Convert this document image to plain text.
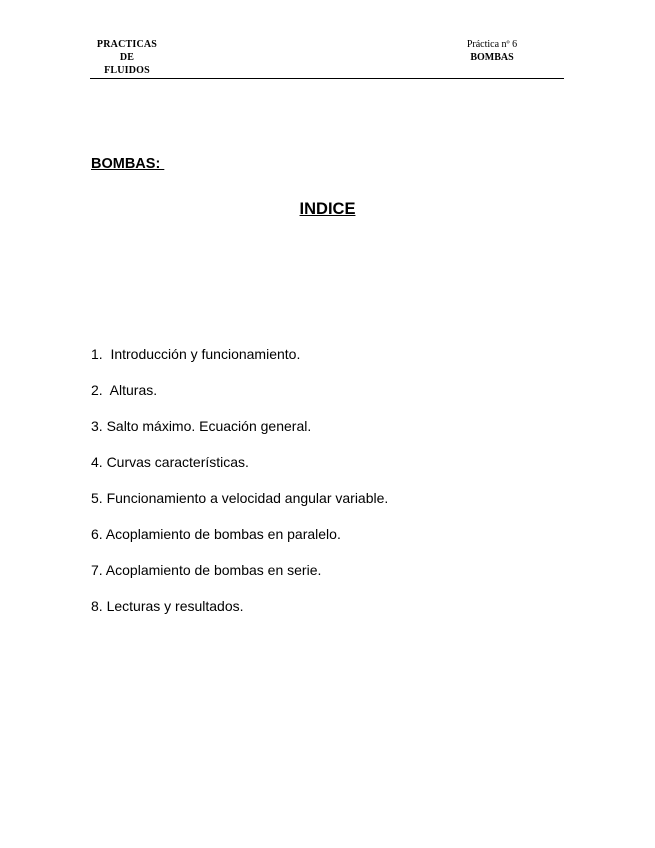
PRACTICAS
DE
FLUIDOS
Práctica nº 6
BOMBAS
BOMBAS:
INDICE
1.  Introducción y funcionamiento.
2.  Alturas.
3. Salto máximo. Ecuación general.
4. Curvas características.
5. Funcionamiento a velocidad angular variable.
6. Acoplamiento de bombas en paralelo.
7. Acoplamiento de bombas en serie.
8. Lecturas y resultados.
